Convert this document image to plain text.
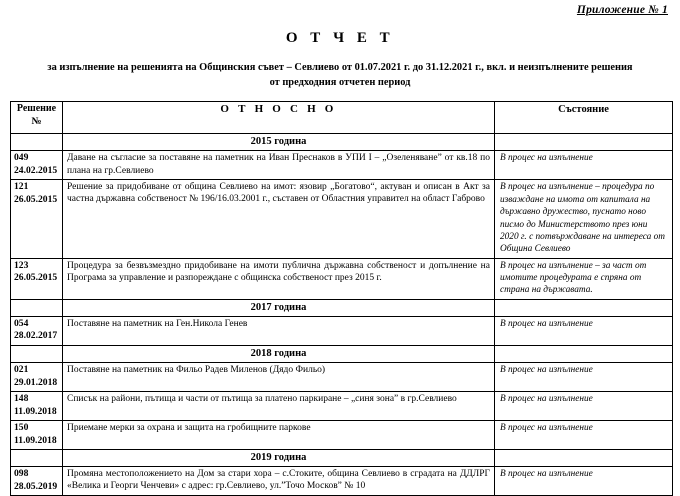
Приложение № 1
О Т Ч Е Т
за изпълнение на решенията на Общинския съвет – Севлиево от 01.07.2021 г. до 31.12.2021 г., вкл. и неизпълнените решения
от предходния отчетен период
Решение
№	О Т Н О С Н О	Състояние
	2015 година	

049
24.02.2015	Даване на съгласие за поставяне на паметник на Иван Преснаков в УПИ I – „Озеленяване” от кв.18 по плана на гр.Севлиево	В процес на изпълнение

121
26.05.2015	Решение за придобиване от община Севлиево на имот: язовир „Богатово“, актуван и описан в Акт за частна държавна собственост № 196/16.03.2001 г., съставен от Областния управител на област Габрово	В процес на изпълнение – процедура по изваждане на имота от капитала на държавно дружество, пуснато ново писмо до Министерството през юни 2020 г. с потвърждаване на интереса от Община Севлиево

123
26.05.2015	Процедура за безвъзмездно придобиване на имоти публична държавна собственост и допълнение на Програма за управление и разпореждане с общинска собственост през 2015 г.	В процес на изпълнение – за част от имотите процедурата е спряна от страна на държавата.
	2017 година	

054
28.02.2017	Поставяне на паметник на Ген.Никола Генев	В процес на изпълнение
	2018 година	

021
29.01.2018	Поставяне на паметник на Фильо Радев Миленов (Дядо Фильо)	В процес на изпълнение

148
11.09.2018	Списък на райони, пътища и части от пътища за платено паркиране – „синя зона” в гр.Севлиево	В процес на изпълнение

150
11.09.2018	Приемане мерки за охрана и защита на гробищните паркове	В процес на изпълнение
	2019 година	

098
28.05.2019	Промяна местоположението на Дом за стари хора – с.Стоките, община Севлиево в сградата на ДДЛРГ «Велика и Георги Ченчеви» с адрес: гр.Севлиево, ул.”Точо Москов” № 10	В процес на изпълнение
